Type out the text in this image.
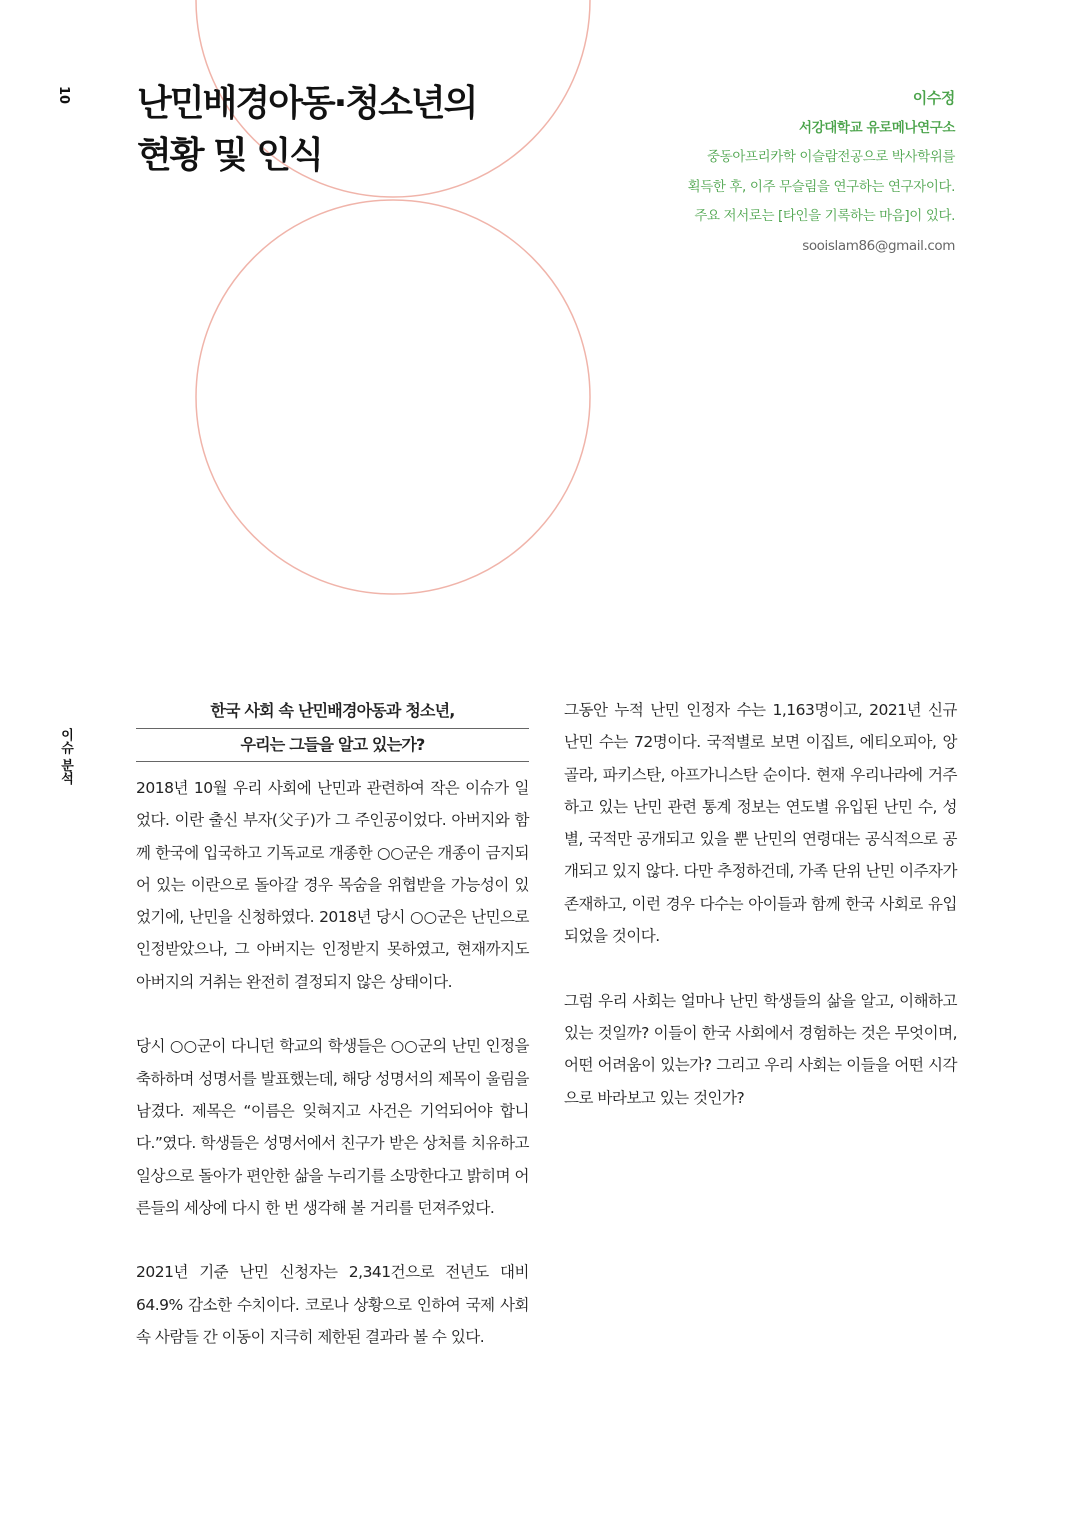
10
이슈 분석
난민배경아동·청소년의
현황 및 인식
이수정
서강대학교 유로메나연구소
중동아프리카학 이슬람전공으로 박사학위를
획득한 후, 이주 무슬림을 연구하는 연구자이다.
주요 저서로는 [타인을 기록하는 마음]이 있다.
sooislam86@gmail.com
한국 사회 속 난민배경아동과 청소년,
우리는 그들을 알고 있는가?

2018년 10월 우리 사회에 난민과 관련하여 작은 이슈가 일었다. 이란 출신 부자(父子)가 그 주인공이었다. 아버지와 함께 한국에 입국하고 기독교로 개종한 ○○군은 개종이 금지되어 있는 이란으로 돌아갈 경우 목숨을 위협받을 가능성이 있었기에, 난민을 신청하였다. 2018년 당시 ○○군은 난민으로 인정받았으나, 그 아버지는 인정받지 못하였고, 현재까지도 아버지의 거취는 완전히 결정되지 않은 상태이다.

당시 ○○군이 다니던 학교의 학생들은 ○○군의 난민 인정을 축하하며 성명서를 발표했는데, 해당 성명서의 제목이 울림을 남겼다. 제목은 “이름은 잊혀지고 사건은 기억되어야 합니다.”였다. 학생들은 성명서에서 친구가 받은 상처를 치유하고 일상으로 돌아가 편안한 삶을 누리기를 소망한다고 밝히며 어른들의 세상에 다시 한 번 생각해 볼 거리를 던져주었다.

2021년 기준 난민 신청자는 2,341건으로 전년도 대비 64.9% 감소한 수치이다. 코로나 상황으로 인하여 국제 사회 속 사람들 간 이동이 지극히 제한된 결과라 볼 수 있다.

그동안 누적 난민 인정자 수는 1,163명이고, 2021년 신규 난민 수는 72명이다. 국적별로 보면 이집트, 에티오피아, 앙골라, 파키스탄, 아프가니스탄 순이다. 현재 우리나라에 거주하고 있는 난민 관련 통계 정보는 연도별 유입된 난민 수, 성별, 국적만 공개되고 있을 뿐 난민의 연령대는 공식적으로 공개되고 있지 않다. 다만 추정하건데, 가족 단위 난민 이주자가 존재하고, 이런 경우 다수는 아이들과 함께 한국 사회로 유입되었을 것이다.

그럼 우리 사회는 얼마나 난민 학생들의 삶을 알고, 이해하고 있는 것일까? 이들이 한국 사회에서 경험하는 것은 무엇이며, 어떤 어려움이 있는가? 그리고 우리 사회는 이들을 어떤 시각으로 바라보고 있는 것인가?
